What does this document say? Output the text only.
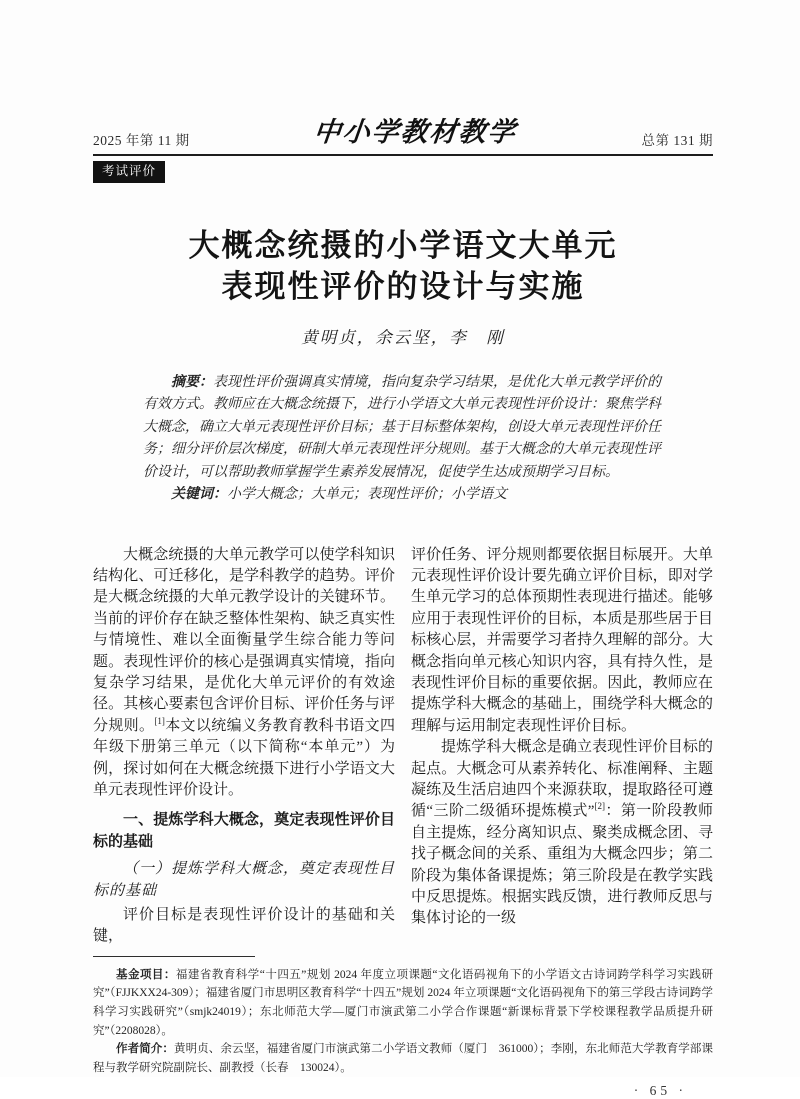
2025 年第 11 期	中小学教材教学	总第 131 期
考试评价
大概念统摄的小学语文大单元
表现性评价的设计与实施
黄明贞，余云坚，李　刚

摘要：表现性评价强调真实情境，指向复杂学习结果，是优化大单元教学评价的有效方式。教师应在大概念统摄下，进行小学语文大单元表现性评价设计：聚焦学科大概念，确立大单元表现性评价目标；基于目标整体架构，创设大单元表现性评价任务；细分评价层次梯度，研制大单元表现性评分规则。基于大概念的大单元表现性评价设计，可以帮助教师掌握学生素养发展情况，促使学生达成预期学习目标。

关键词：小学大概念；大单元；表现性评价；小学语文

大概念统摄的大单元教学可以使学科知识结构化、可迁移化，是学科教学的趋势。评价是大概念统摄的大单元教学设计的关键环节。当前的评价存在缺乏整体性架构、缺乏真实性与情境性、难以全面衡量学生综合能力等问题。表现性评价的核心是强调真实情境，指向复杂学习结果，是优化大单元评价的有效途径。其核心要素包含评价目标、评价任务与评分规则。[1]本文以统编义务教育教科书语文四年级下册第三单元（以下简称“本单元”）为例，探讨如何在大概念统摄下进行小学语文大单元表现性评价设计。
一、提炼学科大概念，奠定表现性评价目标的基础
（一）提炼学科大概念，奠定表现性目标的基础
评价目标是表现性评价设计的基础和关键，
评价任务、评分规则都要依据目标展开。大单元表现性评价设计要先确立评价目标，即对学生单元学习的总体预期性表现进行描述。能够应用于表现性评价的目标，本质是那些居于目标核心层，并需要学习者持久理解的部分。大概念指向单元核心知识内容，具有持久性，是表现性评价目标的重要依据。因此，教师应在提炼学科大概念的基础上，围绕学科大概念的理解与运用制定表现性评价目标。
提炼学科大概念是确立表现性评价目标的起点。大概念可从素养转化、标准阐释、主题凝练及生活启迪四个来源获取，提取路径可遵循“三阶二级循环提炼模式”[2]：第一阶段教师自主提炼，经分离知识点、聚类成概念团、寻找子概念间的关系、重组为大概念四步；第二阶段为集体备课提炼；第三阶段是在教学实践中反思提炼。根据实践反馈，进行教师反思与集体讨论的一级

基金项目：福建省教育科学“十四五”规划 2024 年度立项课题“文化语码视角下的小学语文古诗词跨学科学习实践研究”（FJJKXX24-309）；福建省厦门市思明区教育科学“十四五”规划 2024 年立项课题“文化语码视角下的第三学段古诗词跨学科学习实践研究”（smjk24019）；东北师范大学—厦门市演武第二小学合作课题“新课标背景下学校课程教学品质提升研究”（2208028）。

作者简介：黄明贞、余云坚，福建省厦门市演武第二小学语文教师（厦门　361000）；李刚，东北师范大学教育学部课程与教学研究院副院长、副教授（长春　130024）。

· 65 ·
